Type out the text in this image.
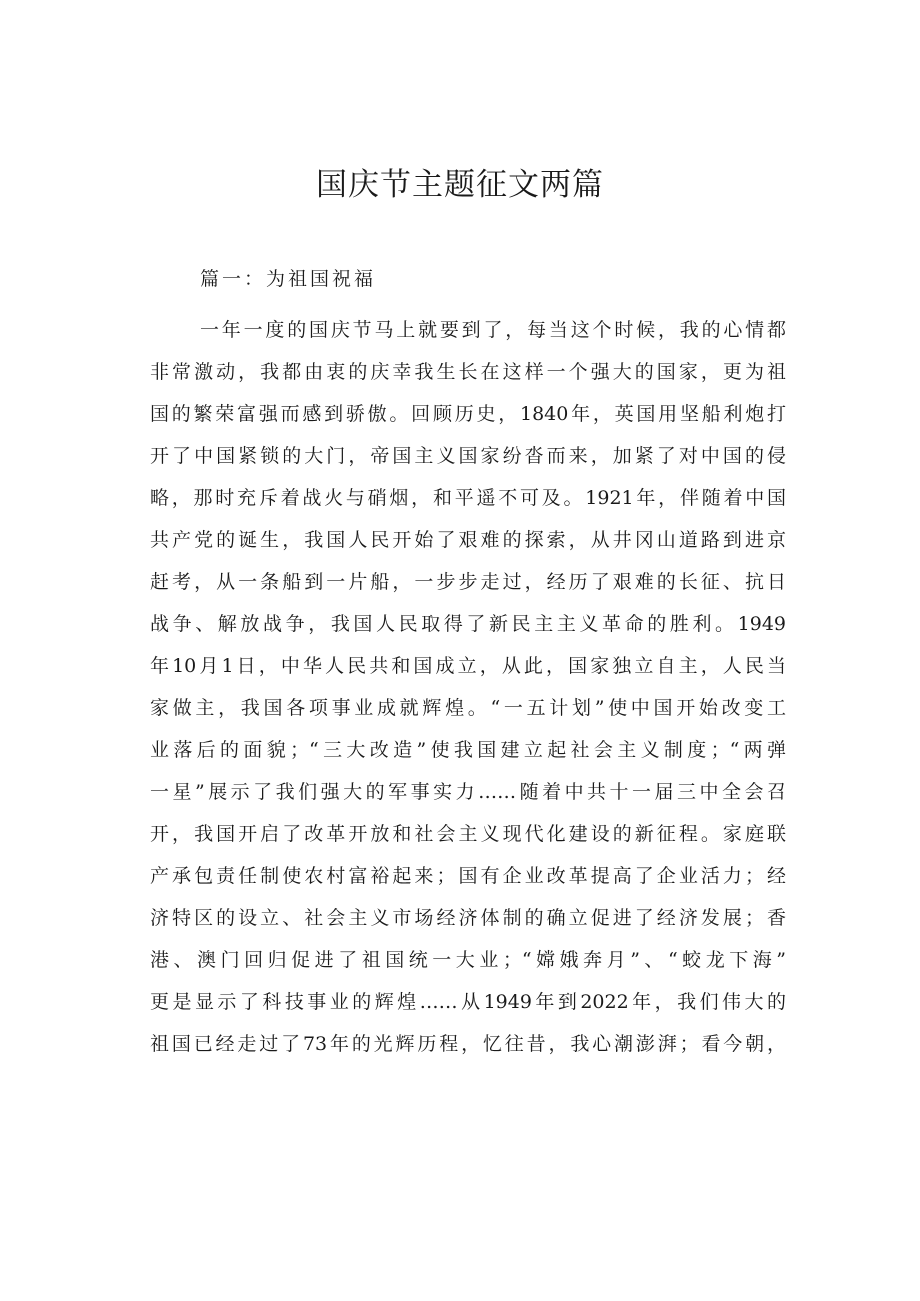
国庆节主题征文两篇

篇一：为祖国祝福

一年一度的国庆节马上就要到了，每当这个时候，我的心情都
非常激动，我都由衷的庆幸我生长在这样一个强大的国家，更为祖
国的繁荣富强而感到骄傲。回顾历史，1840年，英国用坚船利炮打
开了中国紧锁的大门，帝国主义国家纷沓而来，加紧了对中国的侵
略，那时充斥着战火与硝烟，和平遥不可及。1921年，伴随着中国
共产党的诞生，我国人民开始了艰难的探索，从井冈山道路到进京
赶考，从一条船到一片船，一步步走过，经历了艰难的长征、抗日
战争、解放战争，我国人民取得了新民主主义革命的胜利。1949
年10月1日，中华人民共和国成立，从此，国家独立自主，人民当
家做主，我国各项事业成就辉煌。“一五计划”使中国开始改变工
业落后的面貌；“三大改造”使我国建立起社会主义制度；“两弹
一星”展示了我们强大的军事实力……随着中共十一届三中全会召
开，我国开启了改革开放和社会主义现代化建设的新征程。家庭联
产承包责任制使农村富裕起来；国有企业改革提高了企业活力；经
济特区的设立、社会主义市场经济体制的确立促进了经济发展；香
港、澳门回归促进了祖国统一大业；“嫦娥奔月”、“蛟龙下海”
更是显示了科技事业的辉煌……从1949年到2022年，我们伟大的
祖国已经走过了73年的光辉历程，忆往昔，我心潮澎湃；看今朝，
